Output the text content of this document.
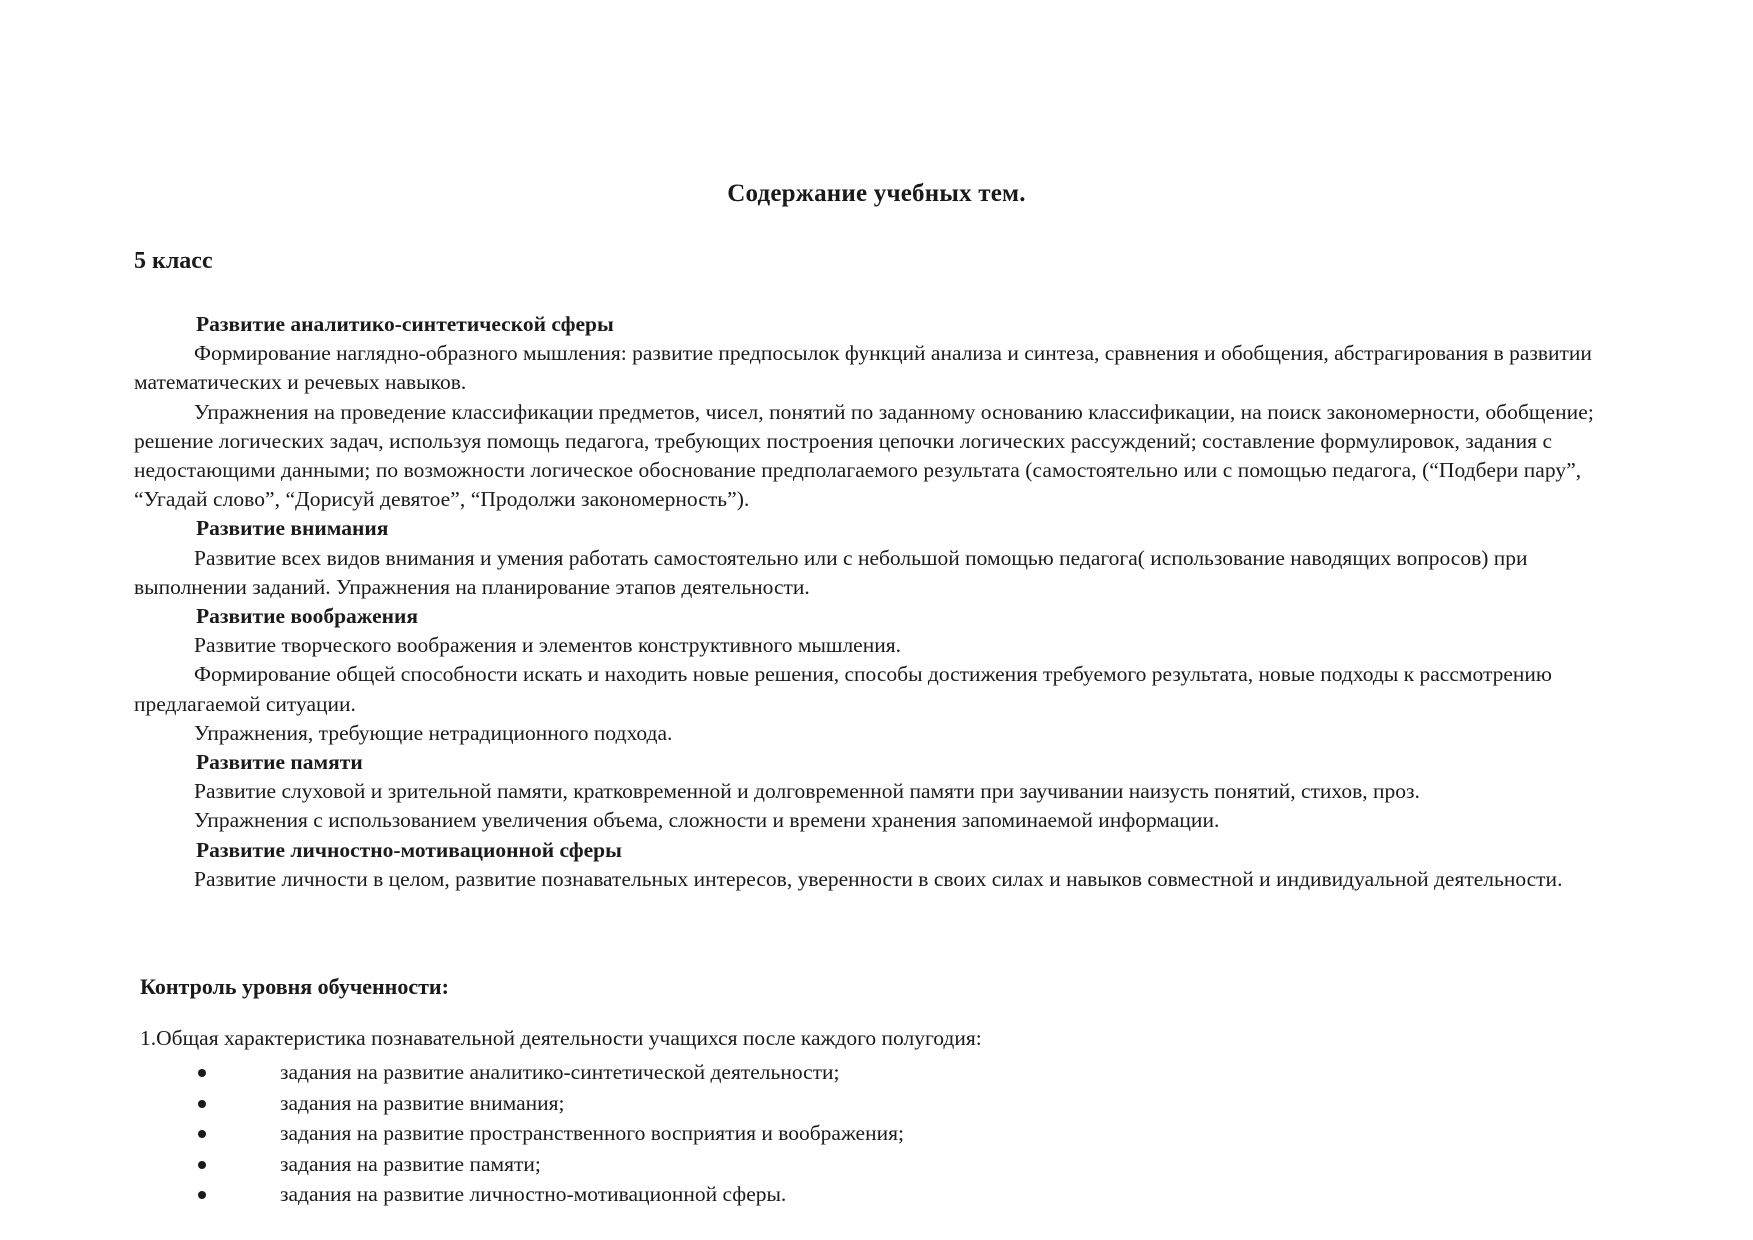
Содержание учебных тем.
5 класс
Развитие аналитико-синтетической сферы

Формирование наглядно-образного мышления: развитие предпосылок функций анализа и синтеза, сравнения и обобщения, абстрагирования в развитии математических и речевых навыков.

Упражнения на проведение классификации предметов, чисел, понятий по заданному основанию классификации, на поиск закономерности, обобщение; решение логических задач, используя помощь педагога, требующих построения цепочки логических рассуждений; составление формулировок, задания с недостающими данными; по возможности логическое обоснование предполагаемого результата (самостоятельно или с помощью педагога, (“Подбери пару”, “Угадай слово”, “Дорисуй девятое”, “Продолжи закономерность”).

Развитие внимания

Развитие всех видов внимания и умения работать самостоятельно или с небольшой помощью педагога( использование наводящих вопросов) при выполнении заданий. Упражнения на планирование этапов деятельности.

Развитие воображения

Развитие творческого воображения и элементов конструктивного мышления.

Формирование общей способности искать и находить новые решения, способы достижения требуемого результата, новые подходы к рассмотрению предлагаемой ситуации.

Упражнения, требующие нетрадиционного подхода.

Развитие памяти

Развитие слуховой и зрительной памяти, кратковременной и долговременной памяти при заучивании наизусть понятий, стихов, проз.

Упражнения с использованием увеличения объема, сложности и времени хранения запоминаемой информации.

Развитие личностно-мотивационной сферы

Развитие личности в целом, развитие познавательных интересов, уверенности в своих силах и навыков совместной и индивидуальной деятельности.

Контроль уровня обученности:
1.Общая характеристика познавательной деятельности учащихся после каждого полугодия:
задания на развитие аналитико-синтетической деятельности;
задания на развитие внимания;
задания на развитие пространственного восприятия и воображения;
задания на развитие памяти;
задания на развитие личностно-мотивационной сферы.
